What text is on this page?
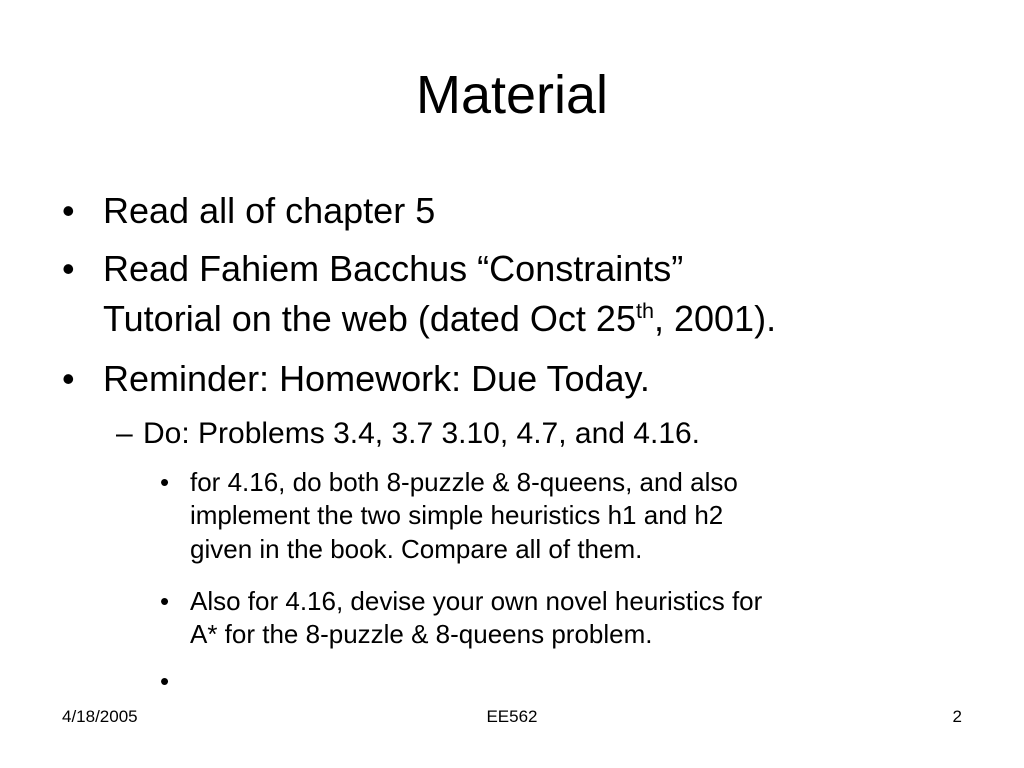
Material
• Read all of chapter 5
• Read Fahiem Bacchus “Constraints”
Tutorial on the web (dated Oct 25th, 2001).
• Reminder: Homework: Due Today.
– Do: Problems 3.4, 3.7 3.10, 4.7, and 4.16.
• for 4.16, do both 8-puzzle & 8-queens, and also
implement the two simple heuristics h1 and h2
given in the book. Compare all of them.
• Also for 4.16, devise your own novel heuristics for
A* for the 8-puzzle & 8-queens problem.
•
4/18/2005	EE562	2
